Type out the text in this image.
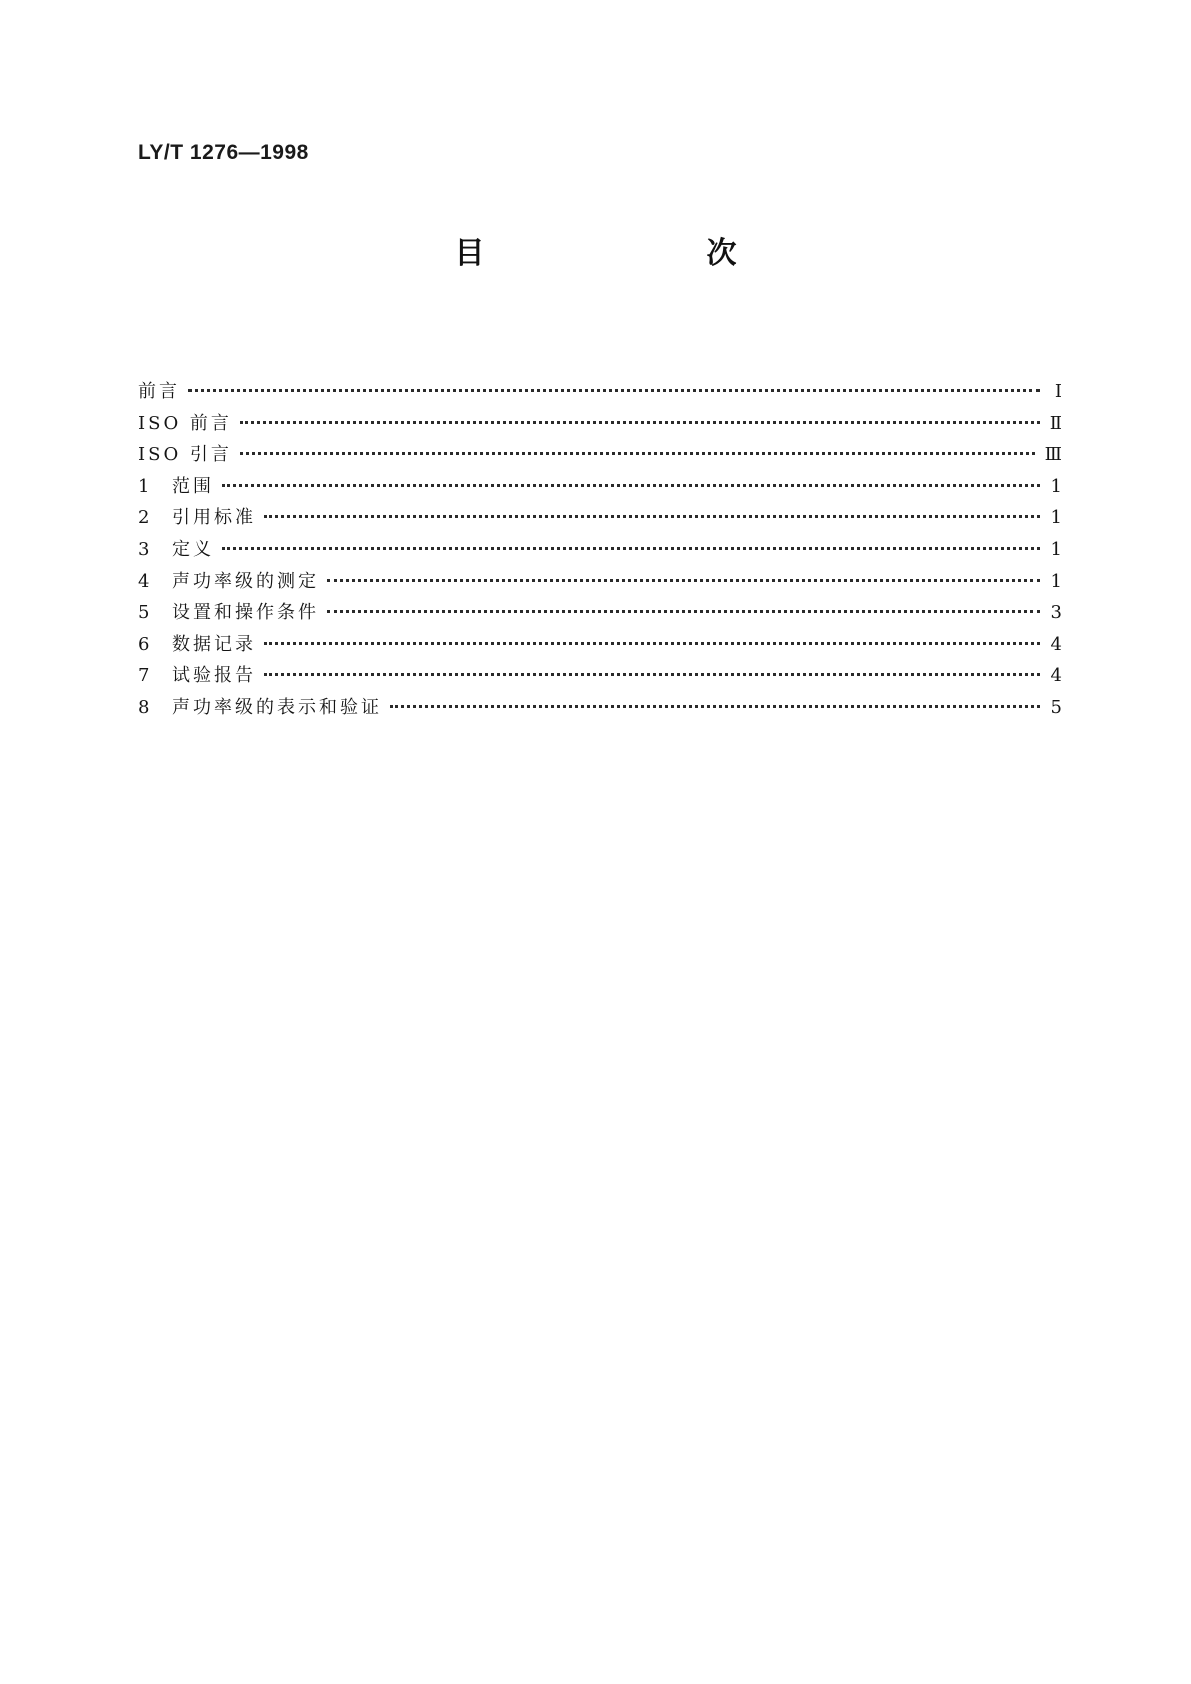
LY/T 1276—1998
目　次
前言	Ⅰ
ISO 前言	Ⅱ
ISO 引言	Ⅲ
1	范围	1
2	引用标准	1
3	定义	1
4	声功率级的测定	1
5	设置和操作条件	3
6	数据记录	4
7	试验报告	4
8	声功率级的表示和验证	5
